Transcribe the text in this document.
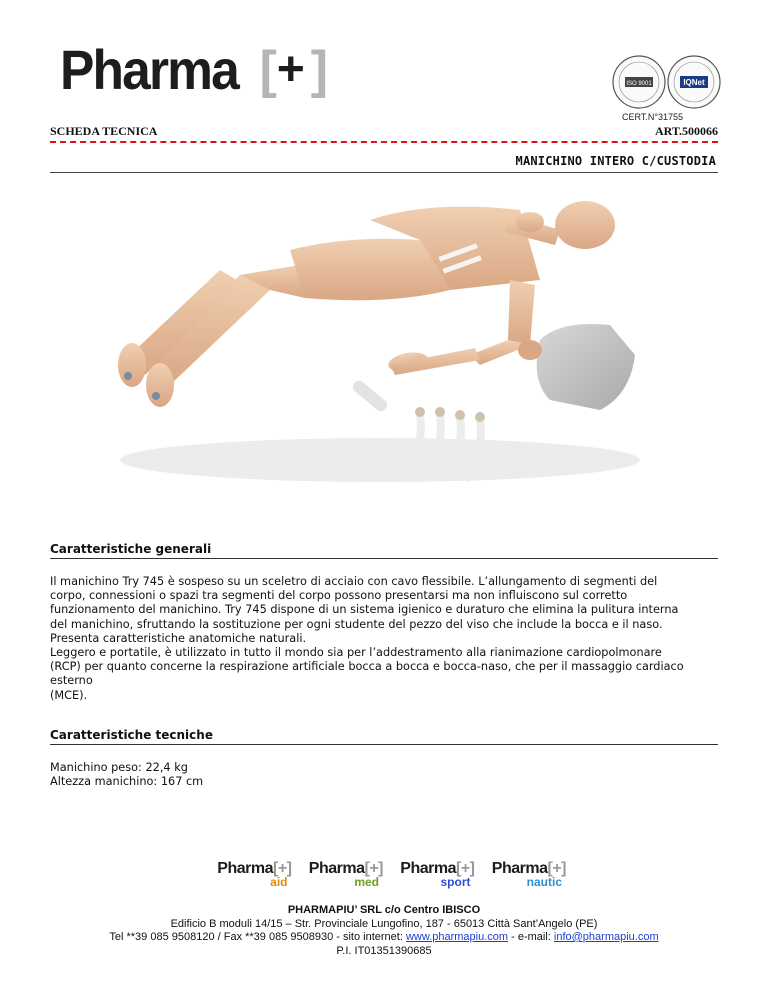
Pharma [ + ]	ISO 9001	IQNet
CERT.N°31755
SCHEDA TECNICA	ART.500066
MANICHINO INTERO C/CUSTODIA
Caratteristiche generali
Il manichino Try 745 è sospeso su un sceletro di acciaio con cavo flessibile. L’allungamento di segmenti del
corpo, connessioni o spazi tra segmenti del corpo possono presentarsi ma non influiscono sul corretto
funzionamento del manichino. Try 745 dispone di un sistema igienico e duraturo che elimina la pulitura interna
del manichino, sfruttando la sostituzione per ogni studente del pezzo del viso che include la bocca e il naso.
Presenta caratteristiche anatomiche naturali.
Leggero e portatile, è utilizzato in tutto il mondo sia per l’addestramento alla rianimazione cardiopolmonare
(RCP) per quanto concerne la respirazione artificiale bocca a bocca e bocca-naso, che per il massaggio cardiaco
esterno
(MCE).
Caratteristiche tecniche
Manichino peso: 22,4 kg
Altezza manichino: 167 cm
Pharma[+]
aid
Pharma[+]
med
Pharma[+]
sport
Pharma[+]
nautic
PHARMAPIU’ SRL c/o Centro IBISCO
Edificio B moduli 14/15 – Str. Provinciale Lungofino, 187 - 65013 Città Sant’Angelo (PE)
Tel **39 085 9508120 / Fax **39 085 9508930 - sito internet: www.pharmapiu.com - e-mail: info@pharmapiu.com
P.I. IT01351390685
